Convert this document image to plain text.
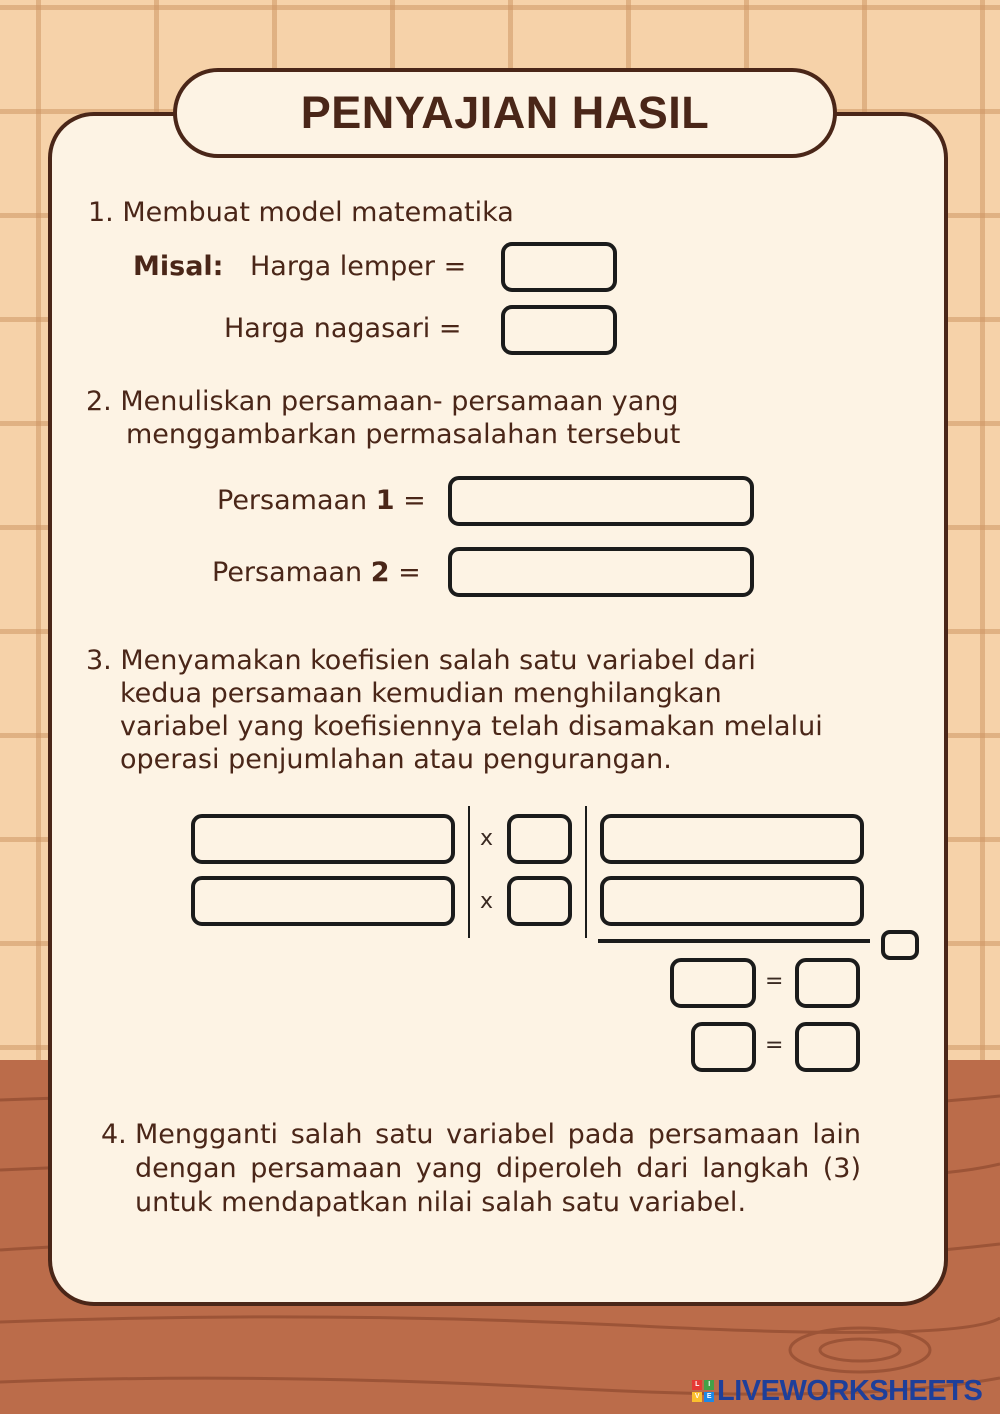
PENYAJIAN HASIL
1. Membuat model matematika
Misal: Harga lemper =
Harga nagasari =
2. Menuliskan persamaan- persamaan yang
menggambarkan permasalahan tersebut
Persamaan 1 =
Persamaan 2 =
3. Menyamakan koefisien salah satu variabel dari
kedua persamaan kemudian menghilangkan
variabel yang koefisiennya telah disamakan melalui
operasi penjumlahan atau pengurangan.
x
x
=
=
4. Mengganti salah satu variabel pada persamaan lain dengan persamaan yang diperoleh dari langkah (3) untuk mendapatkan nilai salah satu variabel.
L	I
V	E LIVEWORKSHEETS
